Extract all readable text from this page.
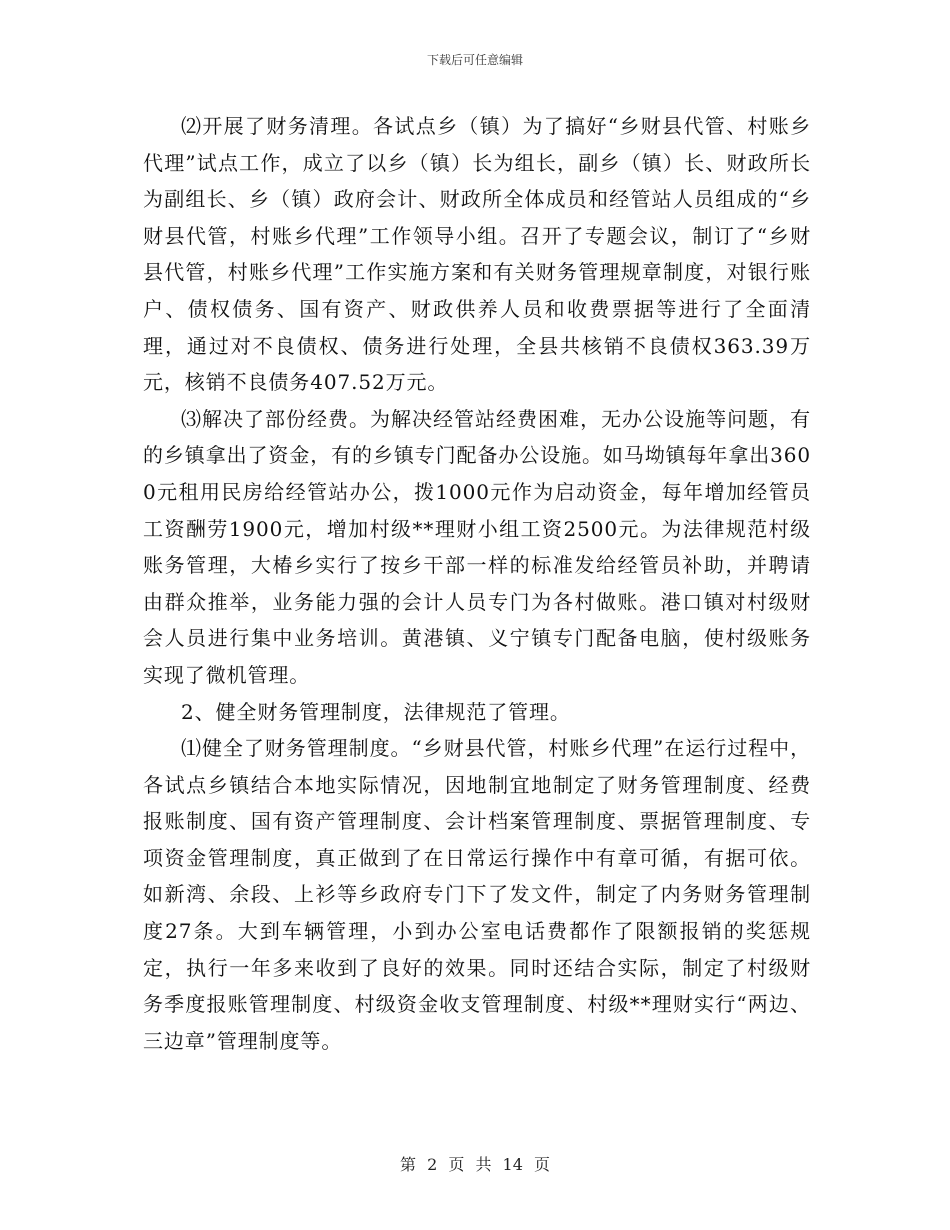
下载后可任意编辑

⑵开展了财务清理。各试点乡（镇）为了搞好“乡财县代管、村账乡代理”试点工作，成立了以乡（镇）长为组长，副乡（镇）长、财政所长为副组长、乡（镇）政府会计、财政所全体成员和经管站人员组成的“乡财县代管，村账乡代理”工作领导小组。召开了专题会议，制订了“乡财县代管，村账乡代理”工作实施方案和有关财务管理规章制度，对银行账户、债权债务、国有资产、财政供养人员和收费票据等进行了全面清理，通过对不良债权、债务进行处理，全县共核销不良债权363.39万元，核销不良债务407.52万元。

⑶解决了部份经费。为解决经管站经费困难，无办公设施等问题，有的乡镇拿出了资金，有的乡镇专门配备办公设施。如马坳镇每年拿出3600元租用民房给经管站办公，拨1000元作为启动资金，每年增加经管员工资酬劳1900元，增加村级**理财小组工资2500元。为法律规范村级账务管理，大椿乡实行了按乡干部一样的标准发给经管员补助，并聘请由群众推举，业务能力强的会计人员专门为各村做账。港口镇对村级财会人员进行集中业务培训。黄港镇、义宁镇专门配备电脑，使村级账务实现了微机管理。

2、健全财务管理制度，法律规范了管理。

⑴健全了财务管理制度。“乡财县代管，村账乡代理”在运行过程中，各试点乡镇结合本地实际情况，因地制宜地制定了财务管理制度、经费报账制度、国有资产管理制度、会计档案管理制度、票据管理制度、专项资金管理制度，真正做到了在日常运行操作中有章可循，有据可依。如新湾、余段、上衫等乡政府专门下了发文件，制定了内务财务管理制度27条。大到车辆管理，小到办公室电话费都作了限额报销的奖惩规定，执行一年多来收到了良好的效果。同时还结合实际，制定了村级财务季度报账管理制度、村级资金收支管理制度、村级**理财实行“两边、三边章”管理制度等。

第 2 页 共 14 页
